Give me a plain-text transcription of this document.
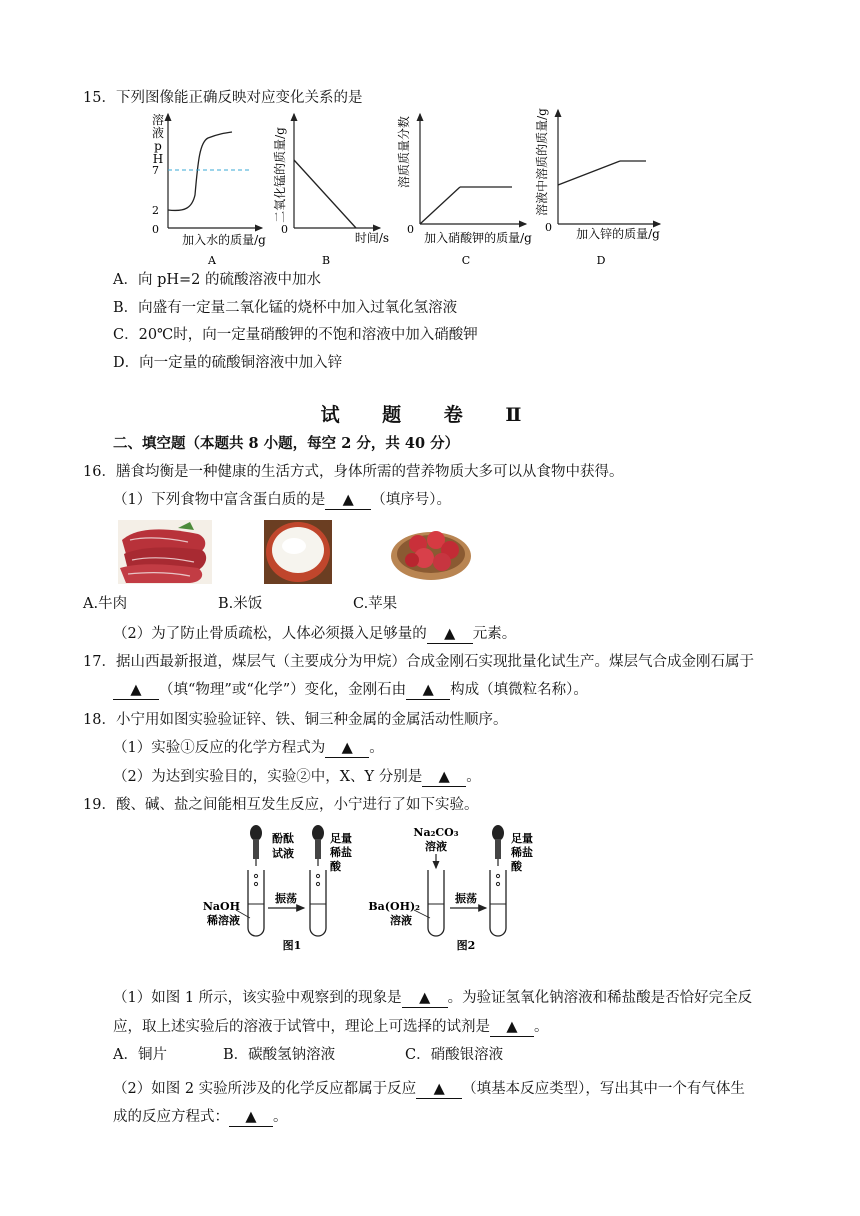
15．下列图像能正确反映对应变化关系的是
溶液 p H
7
2
0
加入水的质量/g
A
二氧化锰的质量/g
0
时间/s
B
溶质质量分数
0
加入硝酸钾的质量/g
C
溶液中溶质的质量/g
0 加入锌的质量/g
D
A．向 pH=2 的硫酸溶液中加水
B．向盛有一定量二氧化锰的烧杯中加入过氧化氢溶液
C．20℃时，向一定量硝酸钾的不饱和溶液中加入硝酸钾
D．向一定量的硫酸铜溶液中加入锌
试 题 卷 Ⅱ
二、填空题（本题共 8 小题，每空 2 分，共 40 分）
16．膳食均衡是一种健康的生活方式，身体所需的营养物质大多可以从食物中获得。
（1）下列食物中富含蛋白质的是 ▲ （填序号）。
A.牛肉	B.米饭	C.苹果
（2）为了防止骨质疏松，人体必须摄入足够量的 ▲ 元素。
17．据山西最新报道，煤层气（主要成分为甲烷）合成金刚石实现批量化试生产。煤层气合成金刚石属于
▲ （填“物理”或“化学”）变化，金刚石由 ▲ 构成（填微粒名称）。
18．小宁用如图实验验证锌、铁、铜三种金属的金属活动性顺序。
（1）实验①反应的化学方程式为 ▲ 。
（2）为达到实验目的，实验②中，X、Y 分别是 ▲ 。
19．酸、碱、盐之间能相互发生反应，小宁进行了如下实验。
酚酞
试液
NaOH
稀溶液
振荡
足量
稀盐
酸
图1
Na₂CO₃
溶液
Ba(OH)₂
溶液
振荡
足量
稀盐
酸
图2
（1）如图 1 所示，该实验中观察到的现象是 ▲ 。为验证氢氧化钠溶液和稀盐酸是否恰好完全反
应，取上述实验后的溶液于试管中，理论上可选择的试剂是 ▲ 。
A．铜片	B．碳酸氢钠溶液	C．硝酸银溶液
（2）如图 2 实验所涉及的化学反应都属于反应 ▲ （填基本反应类型），写出其中一个有气体生
成的反应方程式： ▲ 。
